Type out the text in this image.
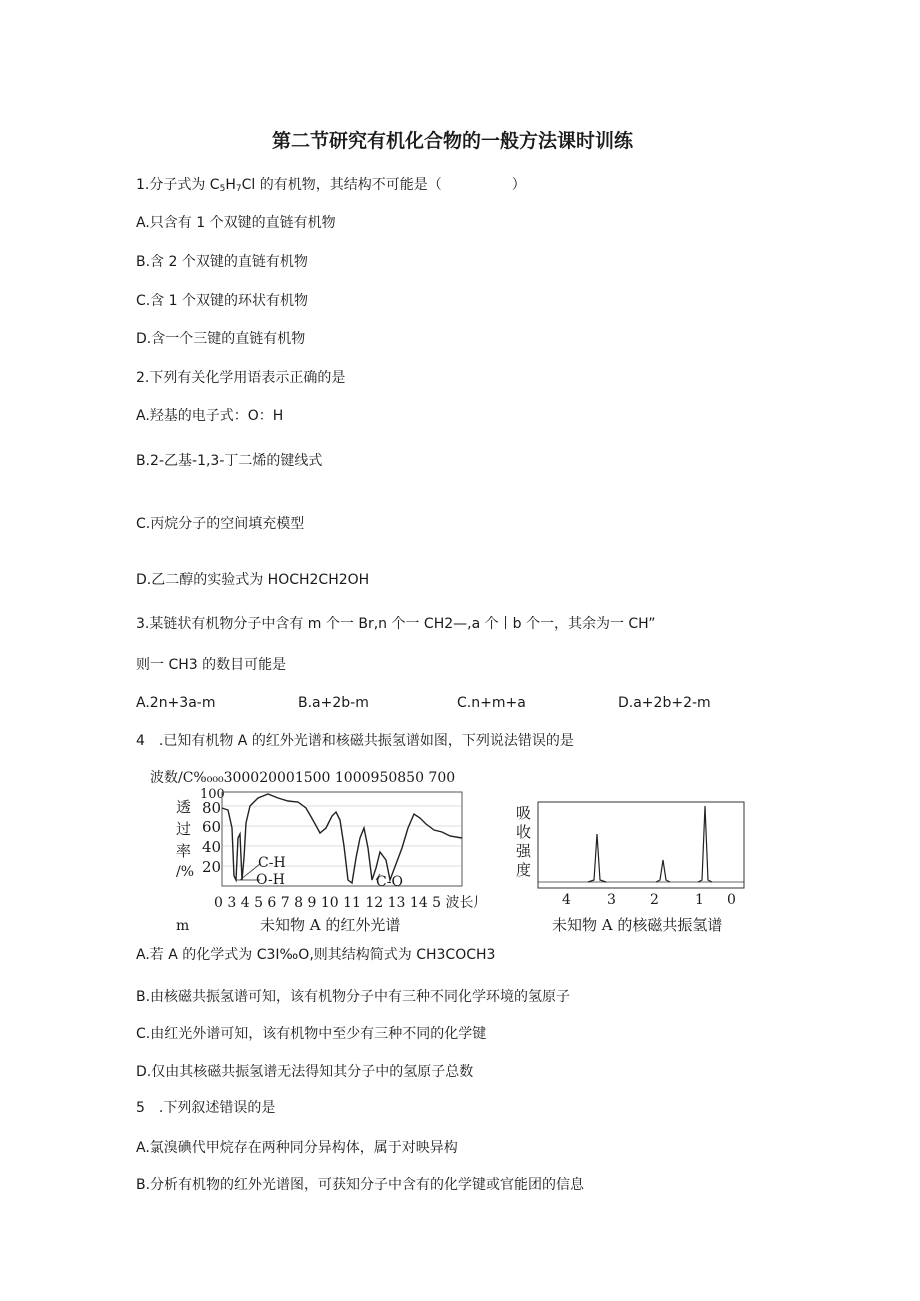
第二节研究有机化合物的一般方法课时训练
1.分子式为 $C_5H_7Cl$ 的有机物，其结构不可能是（	）
A.只含有 1 个双键的直链有机物
B.含 2 个双键的直链有机物
C.含 1 个双键的环状有机物
D.含一个三键的直链有机物
2.下列有关化学用语表示正确的是
A.羟基的电子式：O：H
B.2-乙基-1,3-丁二烯的键线式
C.丙烷分子的空间填充模型
D.乙二醇的实验式为 HOCH2CH2OH
3.某链状有机物分子中含有 m 个一 Br,n 个一 CH2—,a 个丨b 个一，其余为一 CH”
则一 CH3 的数目可能是
A.2n+3a-m	B.a+2b-m	C.n+m+a	D.a+2b+2-m
4　.已知有机物 A 的红外光谱和核磁共振氢谱如图，下列说法错误的是
波数/C%₀₀₀300020001500 1000950850 700
透
过
率
/%
100
80
60
40
20	C-H
O-H	C-O
0 3 4 5 6 7 8 9 10 11 12 13 14 5 波长川
m	未知物 A 的红外光谱
吸
收
强
度
4	3 2	1 0
未知物 A 的核磁共振氢谱
A.若 A 的化学式为 C3I‰O,则其结构简式为 CH3COCH3
B.由核磁共振氢谱可知，该有机物分子中有三种不同化学环境的氢原子
C.由红光外谱可知，该有机物中至少有三种不同的化学键
D.仅由其核磁共振氢谱无法得知其分子中的氢原子总数
5　.下列叙述错误的是
A.氯溴碘代甲烷存在两种同分异构体，属于对映异构
B.分析有机物的红外光谱图，可获知分子中含有的化学键或官能团的信息
